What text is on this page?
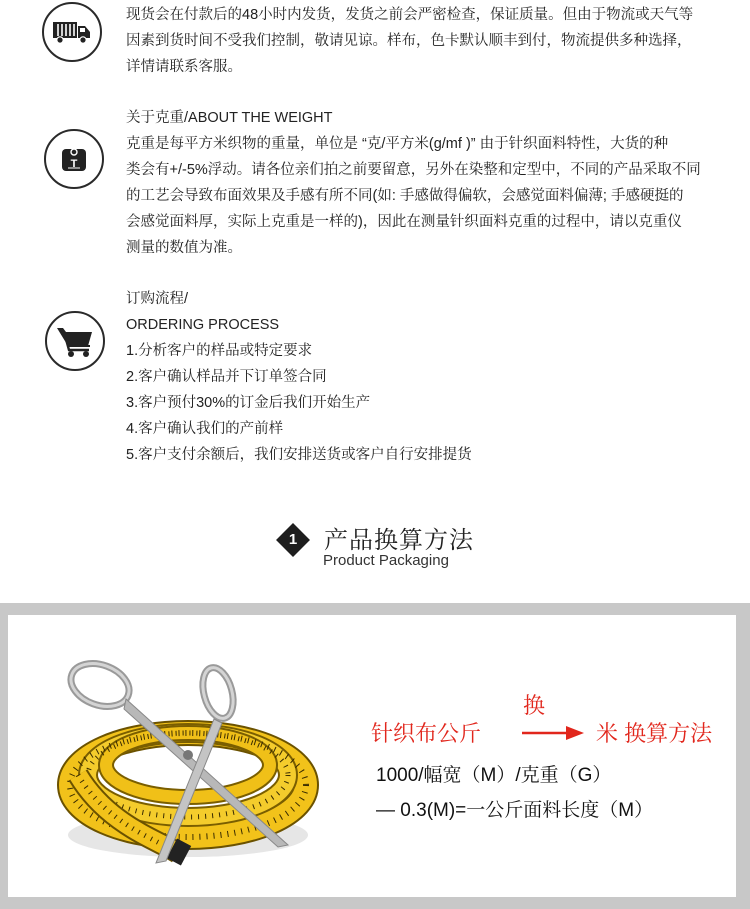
现货会在付款后的48小时内发货，发货之前会严密检查，保证质量。但由于物流或天气等

因素到货时间不受我们控制，敬请见谅。样布，色卡默认顺丰到付，物流提供多种选择，

详情请联系客服。

T

关于克重/ABOUT THE WEIGHT

克重是每平方米织物的重量，单位是 “克/平方米(g/mf )” 由于针织面料特性，大货的种

类会有+/-5%浮动。请各位亲们拍之前要留意，另外在染整和定型中，不同的产品采取不同

的工艺会导致布面效果及手感有所不同(如: 手感做得偏软，会感觉面料偏薄; 手感硬挺的

会感觉面料厚，实际上克重是一样的)，因此在测量针织面料克重的过程中，请以克重仪

测量的数值为准。

订购流程/

ORDERING PROCESS

1.分析客户的样品或特定要求

2.客户确认样品并下订单签合同

3.客户预付30%的订金后我们开始生产

4.客户确认我们的产前样

5.客户支付余额后，我们安排送货或客户自行安排提货

1	产品换算方法
Product Packaging
换
针织布公斤	米 换算方法
1000/幅宽（M）/克重（G）
— 0.3(M)=一公斤面料长度（M）
